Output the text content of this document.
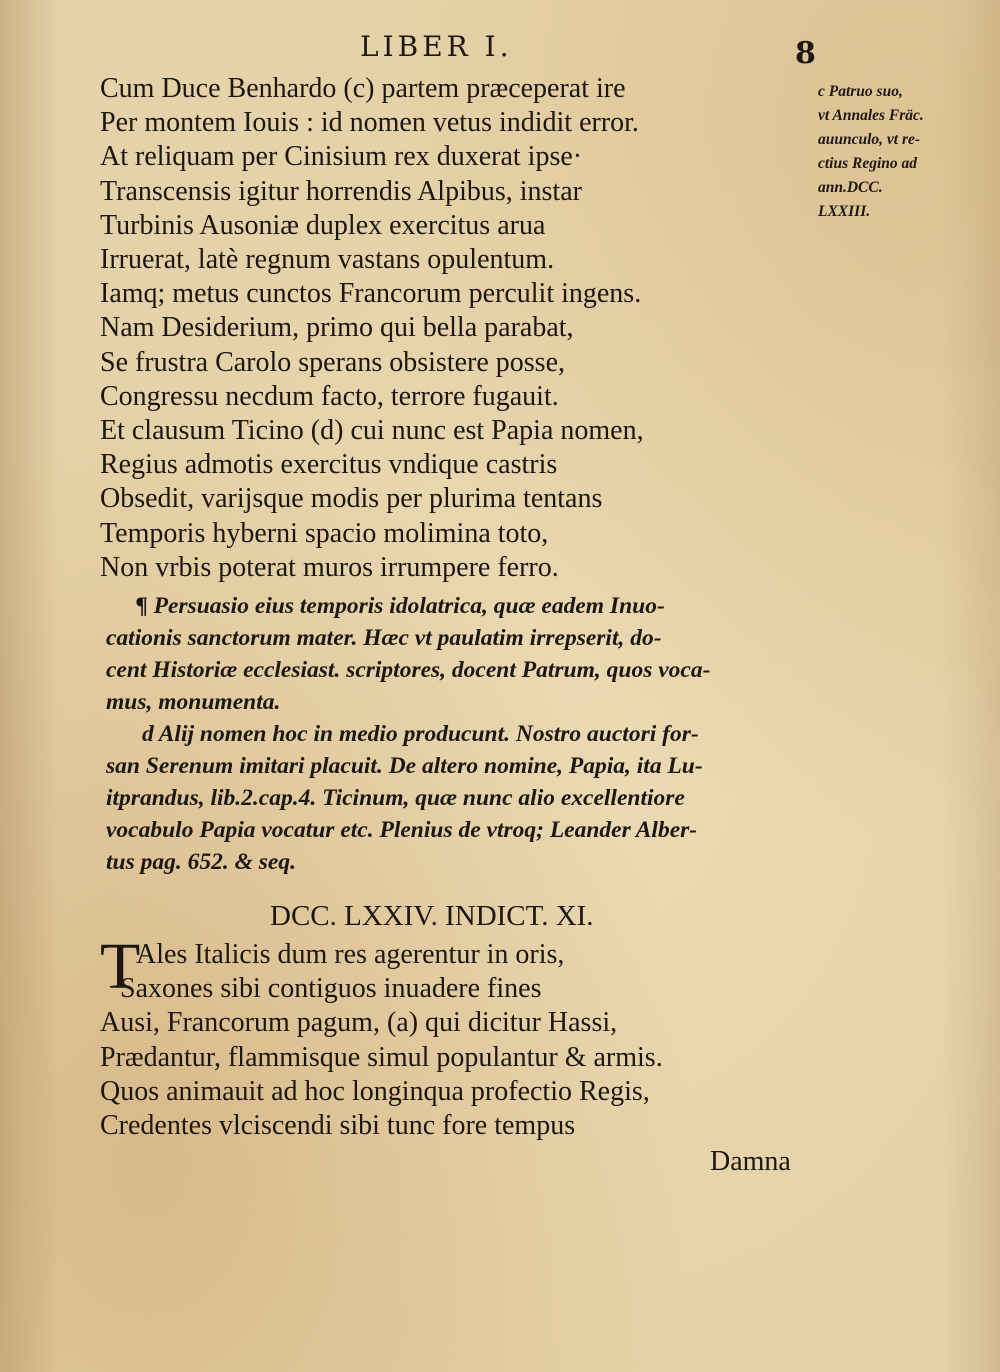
LIBER I.	8
c Patruo suo,
vt Annales Fräc.
auunculo, vt re-
ctius Regino ad
ann.DCC.
LXXIII.
Cum Duce Benhardo (c) partem præceperat ire
Per montem Iouis : id nomen vetus indidit error.
At reliquam per Cinisium rex duxerat ipse·
Transcensis igitur horrendis Alpibus, instar
Turbinis Ausoniæ duplex exercitus arua
Irruerat, latè regnum vastans opulentum.
Iamq; metus cunctos Francorum perculit ingens.
Nam Desiderium, primo qui bella parabat,
Se frustra Carolo sperans obsistere posse,
Congressu necdum facto, terrore fugauit.
Et clausum Ticino (d) cui nunc est Papia nomen,
Regius admotis exercitus vndique castris
Obsedit, varijsque modis per plurima tentans
Temporis hyberni spacio molimina toto,
Non vrbis poterat muros irrumpere ferro.
¶ Persuasio eius temporis idolatrica, quæ eadem Inuo-
cationis sanctorum mater. Hæc vt paulatim irrepserit, do-
cent Historiæ ecclesiast. scriptores, docent Patrum, quos voca-
mus, monumenta.
d Alij nomen hoc in medio producunt. Nostro auctori for-
san Serenum imitari placuit. De altero nomine, Papia, ita Lu-
itprandus, lib.2.cap.4. Ticinum, quæ nunc alio excellentiore
vocabulo Papia vocatur etc. Plenius de vtroq; Leander Alber-
tus pag. 652. & seq.
DCC. LXXIV. INDICT. XI.
T
Ales Italicis dum res agerentur in oris,
Saxones sibi contiguos inuadere fines
Ausi, Francorum pagum, (a) qui dicitur Hassi,
Prædantur, flammisque simul populantur & armis.
Quos animauit ad hoc longinqua profectio Regis,
Credentes vlciscendi sibi tunc fore tempus
Damna
